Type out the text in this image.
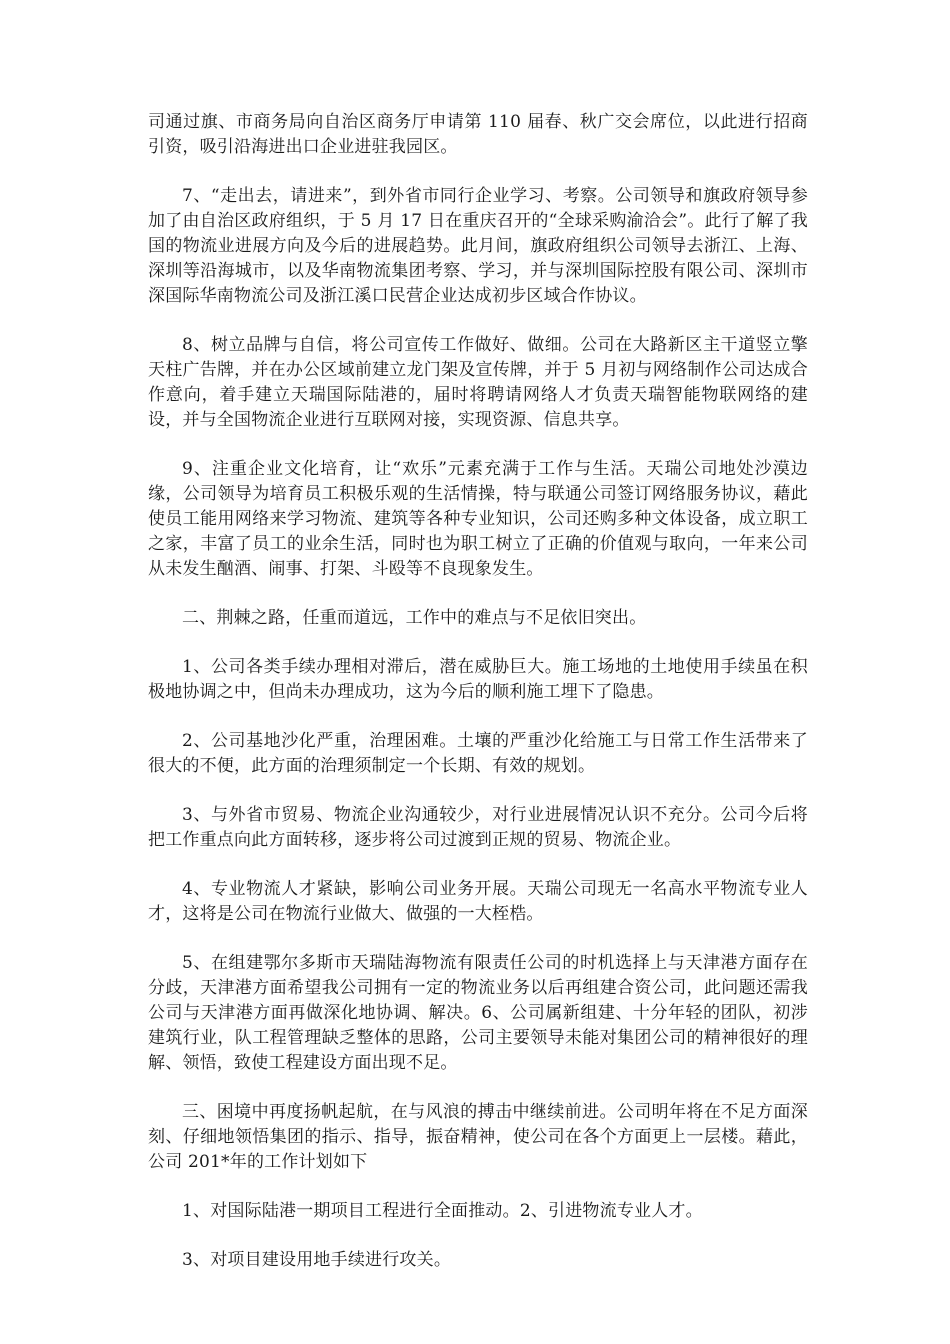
司通过旗、市商务局向自治区商务厅申请第 110 届春、秋广交会席位，以此进行招商引资，吸引沿海进出口企业进驻我园区。

7、“走出去，请进来”，到外省市同行企业学习、考察。公司领导和旗政府领导参加了由自治区政府组织，于 5 月 17 日在重庆召开的“全球采购渝洽会”。此行了解了我国的物流业进展方向及今后的进展趋势。此月间，旗政府组织公司领导去浙江、上海、深圳等沿海城市，以及华南物流集团考察、学习，并与深圳国际控股有限公司、深圳市深国际华南物流公司及浙江溪口民营企业达成初步区域合作协议。

8、树立品牌与自信，将公司宣传工作做好、做细。公司在大路新区主干道竖立擎天柱广告牌，并在办公区域前建立龙门架及宣传牌，并于 5 月初与网络制作公司达成合作意向，着手建立天瑞国际陆港的，届时将聘请网络人才负责天瑞智能物联网络的建设，并与全国物流企业进行互联网对接，实现资源、信息共享。

9、注重企业文化培育，让“欢乐”元素充满于工作与生活。天瑞公司地处沙漠边缘，公司领导为培育员工积极乐观的生活情操，特与联通公司签订网络服务协议，藉此使员工能用网络来学习物流、建筑等各种专业知识，公司还购多种文体设备，成立职工之家，丰富了员工的业余生活，同时也为职工树立了正确的价值观与取向，一年来公司从未发生酗酒、闹事、打架、斗殴等不良现象发生。

二、荆棘之路，任重而道远，工作中的难点与不足依旧突出。

1、公司各类手续办理相对滞后，潜在威胁巨大。施工场地的土地使用手续虽在积极地协调之中，但尚未办理成功，这为今后的顺利施工埋下了隐患。

2、公司基地沙化严重，治理困难。土壤的严重沙化给施工与日常工作生活带来了很大的不便，此方面的治理须制定一个长期、有效的规划。

3、与外省市贸易、物流企业沟通较少，对行业进展情况认识不充分。公司今后将把工作重点向此方面转移，逐步将公司过渡到正规的贸易、物流企业。

4、专业物流人才紧缺，影响公司业务开展。天瑞公司现无一名高水平物流专业人才，这将是公司在物流行业做大、做强的一大桎梏。

5、在组建鄂尔多斯市天瑞陆海物流有限责任公司的时机选择上与天津港方面存在分歧，天津港方面希望我公司拥有一定的物流业务以后再组建合资公司，此问题还需我公司与天津港方面再做深化地协调、解决。6、公司属新组建、十分年轻的团队，初涉建筑行业，队工程管理缺乏整体的思路，公司主要领导未能对集团公司的精神很好的理解、领悟，致使工程建设方面出现不足。

三、困境中再度扬帆起航，在与风浪的搏击中继续前进。公司明年将在不足方面深刻、仔细地领悟集团的指示、指导，振奋精神，使公司在各个方面更上一层楼。藉此，公司 201*年的工作计划如下

1、对国际陆港一期项目工程进行全面推动。2、引进物流专业人才。

3、对项目建设用地手续进行攻关。
